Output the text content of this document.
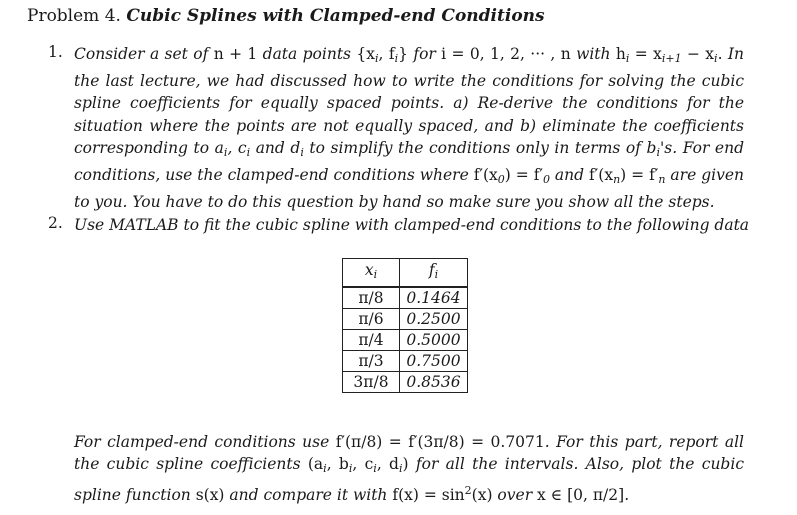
Problem 4. Cubic Splines with Clamped-end Conditions
1. Consider a set of n + 1 data points {$x_i$, $f_i$} for i = 0, 1, 2, ··· , n with $h_i = x_{i+1} - x_i$. In the last lecture, we had discussed how to write the conditions for solving the cubic spline coefficients for equally spaced points. a) Re-derive the conditions for the situation where the points are not equally spaced, and b) eliminate the coefficients corresponding to $a_i$, $c_i$ and $d_i$ to simplify the conditions only in terms of $b_i's$. For end conditions, use the clamped-end conditions where $f'(x_0) = f'_0$ and $f'(x_n) = f'_n$ are given to you. You have to do this question by hand so make sure you show all the steps.

2. Use MATLAB to fit the cubic spline with clamped-end conditions to the following data
$x_i$	$f_i$
π/8	0.1464
π/6	0.2500
π/4	0.5000
π/3	0.7500
3π/8	0.8536

For clamped-end conditions use f′(π/8) = f′(3π/8) = 0.7071. For this part, report all the cubic spline coefficients ($a_i$, $b_i$, $c_i$, $d_i$) for all the intervals. Also, plot the cubic spline function s(x) and compare it with $f(x) = \sin^2(x)$ over x ∈ [0, π/2].
